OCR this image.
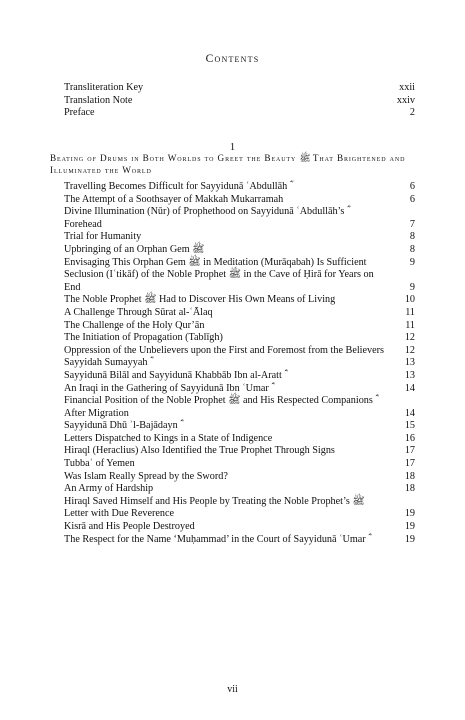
Contents
Transliteration Key	xxii
Translation Note	xxiv
Preface	2
1
Beating of Drums in Both Worlds to Greet the Beauty ﷺ That Brightened and Illuminated the World
Travelling Becomes Difficult for Sayyidunā ʿAbdullāh ؓ	6
The Attempt of a Soothsayer of Makkah Mukarramah	6
Divine Illumination (Nūr) of Prophethood on Sayyidunā ʿAbdullāh’s ؓ Forehead	7
Trial for Humanity	8
Upbringing of an Orphan Gem ﷺ	8
Envisaging This Orphan Gem ﷺ in Meditation (Murāqabah) Is Sufficient	9
Seclusion (Iʿtikāf) of the Noble Prophet ﷺ in the Cave of Ḥirā for Years on End	9
The Noble Prophet ﷺ Had to Discover His Own Means of Living	10
A Challenge Through Sūrat al-ʿĀlaq	11
The Challenge of the Holy Qur’ān	11
The Initiation of Propagation (Tablīgh)	12
Oppression of the Unbelievers upon the First and Foremost from the Believers	12
Sayyidah Sumayyah ؓ	13
Sayyidunā Bilāl and Sayyidunā Khabbāb Ibn al-Aratt ؓ	13
An Iraqi in the Gathering of Sayyidunā Ibn ʿUmar ؓ	14
Financial Position of the Noble Prophet ﷺ and His Respected Companions ؓ After Migration	14
Sayyidunā Dhū ʾl-Bajādayn ؓ	15
Letters Dispatched to Kings in a State of Indigence	16
Hiraql (Heraclius) Also Identified the True Prophet Through Signs	17
Tubbaʿ of Yemen	17
Was Islam Really Spread by the Sword?	18
An Army of Hardship	18
Hiraql Saved Himself and His People by Treating the Noble Prophet’s ﷺ Letter with Due Reverence	19
Kisrā and His People Destroyed	19
The Respect for the Name ‘Muḥammad’ in the Court of Sayyidunā ʿUmar ؓ	19
vii
